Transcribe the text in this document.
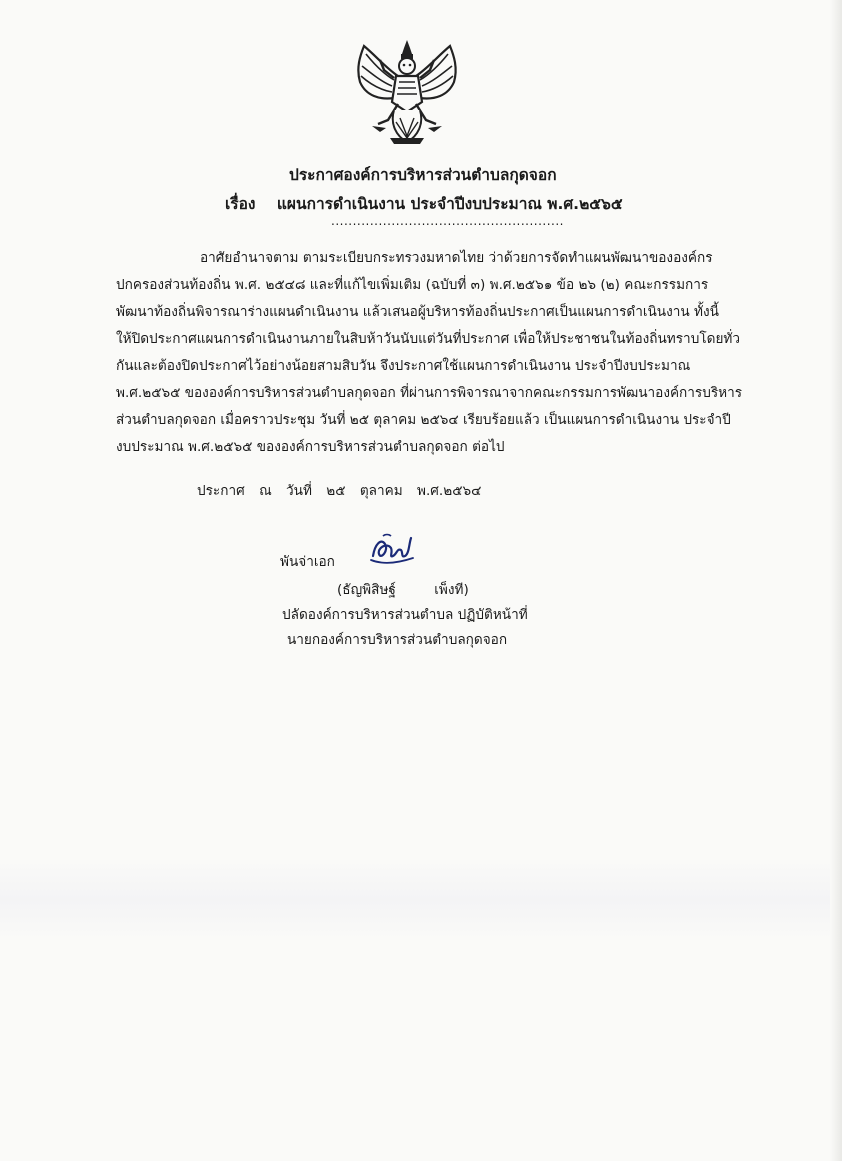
ประกาศองค์การบริหารส่วนตำบลกุดจอก
เรื่อง แผนการดำเนินงาน ประจำปีงบประมาณ พ.ศ.๒๕๖๕
......................................................
อาศัยอำนาจตาม ตามระเบียบกระทรวงมหาดไทย ว่าด้วยการจัดทำแผนพัฒนาขององค์กร
ปกครองส่วนท้องถิ่น พ.ศ. ๒๕๔๘ และที่แก้ไขเพิ่มเติม (ฉบับที่ ๓) พ.ศ.๒๕๖๑ ข้อ ๒๖ (๒) คณะกรรมการ
พัฒนาท้องถิ่นพิจารณาร่างแผนดำเนินงาน แล้วเสนอผู้บริหารท้องถิ่นประกาศเป็นแผนการดำเนินงาน ทั้งนี้
ให้ปิดประกาศแผนการดำเนินงานภายในสิบห้าวันนับแต่วันที่ประกาศ เพื่อให้ประชาชนในท้องถิ่นทราบโดยทั่ว
กันและต้องปิดประกาศไว้อย่างน้อยสามสิบวัน จึงประกาศใช้แผนการดำเนินงาน ประจำปีงบประมาณ
พ.ศ.๒๕๖๕ ขององค์การบริหารส่วนตำบลกุดจอก ที่ผ่านการพิจารณาจากคณะกรรมการพัฒนาองค์การบริหาร
ส่วนตำบลกุดจอก เมื่อคราวประชุม วันที่ ๒๕ ตุลาคม ๒๕๖๔ เรียบร้อยแล้ว เป็นแผนการดำเนินงาน ประจำปี
งบประมาณ พ.ศ.๒๕๖๕ ขององค์การบริหารส่วนตำบลกุดจอก ต่อไป
ประกาศ ณ วันที่ ๒๕ ตุลาคม พ.ศ.๒๕๖๔
พันจ่าเอก
(ธัญพิสิษฐ์	เพ็งที)
ปลัดองค์การบริหารส่วนตำบล ปฏิบัติหน้าที่
นายกองค์การบริหารส่วนตำบลกุดจอก
